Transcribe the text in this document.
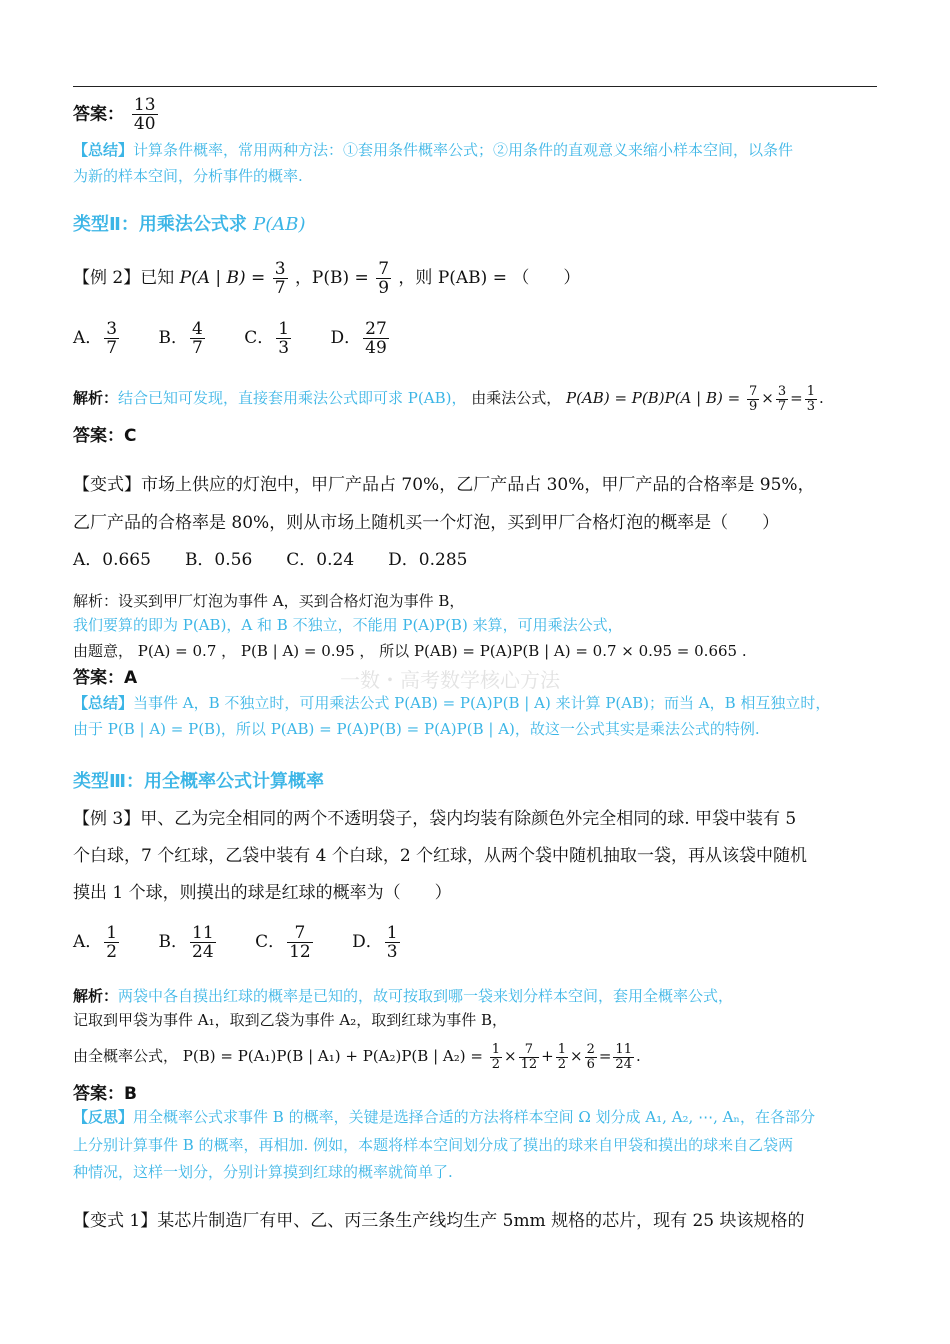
答案： $\frac{13}{40}$
【总结】计算条件概率，常用两种方法：①套用条件概率公式；②用条件的直观意义来缩小样本空间，以条件
为新的样本空间，分析事件的概率.
类型Ⅱ：用乘法公式求 P(AB)
【例 2】已知 P(A | $B) = \frac{3}{7}$ ，$P(B) = \frac{7}{9}$ ，则 P(AB) = （　　）
A． $\frac{3}{7}$ B． $\frac{4}{7}$ C． $\frac{1}{3}$ D． $\frac{27}{49}$
解析：结合已知可发现，直接套用乘法公式即可求 P(AB)， 由乘法公式， P(AB) = P(B)P(A | $B) = \frac{7}{9} \times \frac{3}{7} = \frac{1}{3}$ .
答案：C
【变式】市场上供应的灯泡中，甲厂产品占 70%，乙厂产品占 30%，甲厂产品的合格率是 95%，
乙厂产品的合格率是 80%，则从市场上随机买一个灯泡，买到甲厂合格灯泡的概率是（　　）
A．0.665　　B．0.56　　C．0.24　　D．0.285
解析：设买到甲厂灯泡为事件 A，买到合格灯泡为事件 B，
我们要算的即为 P(AB)，A 和 B 不独立，不能用 P(A)P(B) 来算，可用乘法公式，
由题意， P(A) = 0.7 ， P(B | A) = 0.95 ， 所以 P(AB) = P(A)P(B | A) = 0.7 × 0.95 = 0.665 .
答案：A	一数・高考数学核心方法
【总结】当事件 A，B 不独立时，可用乘法公式 P(AB) = P(A)P(B | A) 来计算 P(AB)；而当 A，B 相互独立时，
由于 P(B | A) = P(B)，所以 P(AB) = P(A)P(B) = P(A)P(B | A)，故这一公式其实是乘法公式的特例.
类型Ⅲ：用全概率公式计算概率
【例 3】甲、乙为完全相同的两个不透明袋子，袋内均装有除颜色外完全相同的球. 甲袋中装有 5
个白球，7 个红球，乙袋中装有 4 个白球，2 个红球，从两个袋中随机抽取一袋，再从该袋中随机
摸出 1 个球，则摸出的球是红球的概率为（　　）
A． $\frac{1}{2}$ B． $\frac{11}{24}$ C． $\frac{7}{12}$ D． $\frac{1}{3}$
解析：两袋中各自摸出红球的概率是已知的，故可按取到哪一袋来划分样本空间，套用全概率公式，
记取到甲袋为事件 A₁，取到乙袋为事件 A₂，取到红球为事件 B，
由全概率公式， P(B) = P(A₁)P(B | A₁) + P(A₂)P(B | $A_2) = \frac{1}{2} \times \frac{7}{12} + \frac{1}{2} \times \frac{2}{6} = \frac{11}{24}$ .
答案：B
【反思】用全概率公式求事件 B 的概率，关键是选择合适的方法将样本空间 Ω 划分成 A₁, A₂, ⋯, Aₙ，在各部分
上分别计算事件 B 的概率，再相加. 例如，本题将样本空间划分成了摸出的球来自甲袋和摸出的球来自乙袋两
种情况，这样一划分，分别计算摸到红球的概率就简单了.
【变式 1】某芯片制造厂有甲、乙、丙三条生产线均生产 5mm 规格的芯片，现有 25 块该规格的
